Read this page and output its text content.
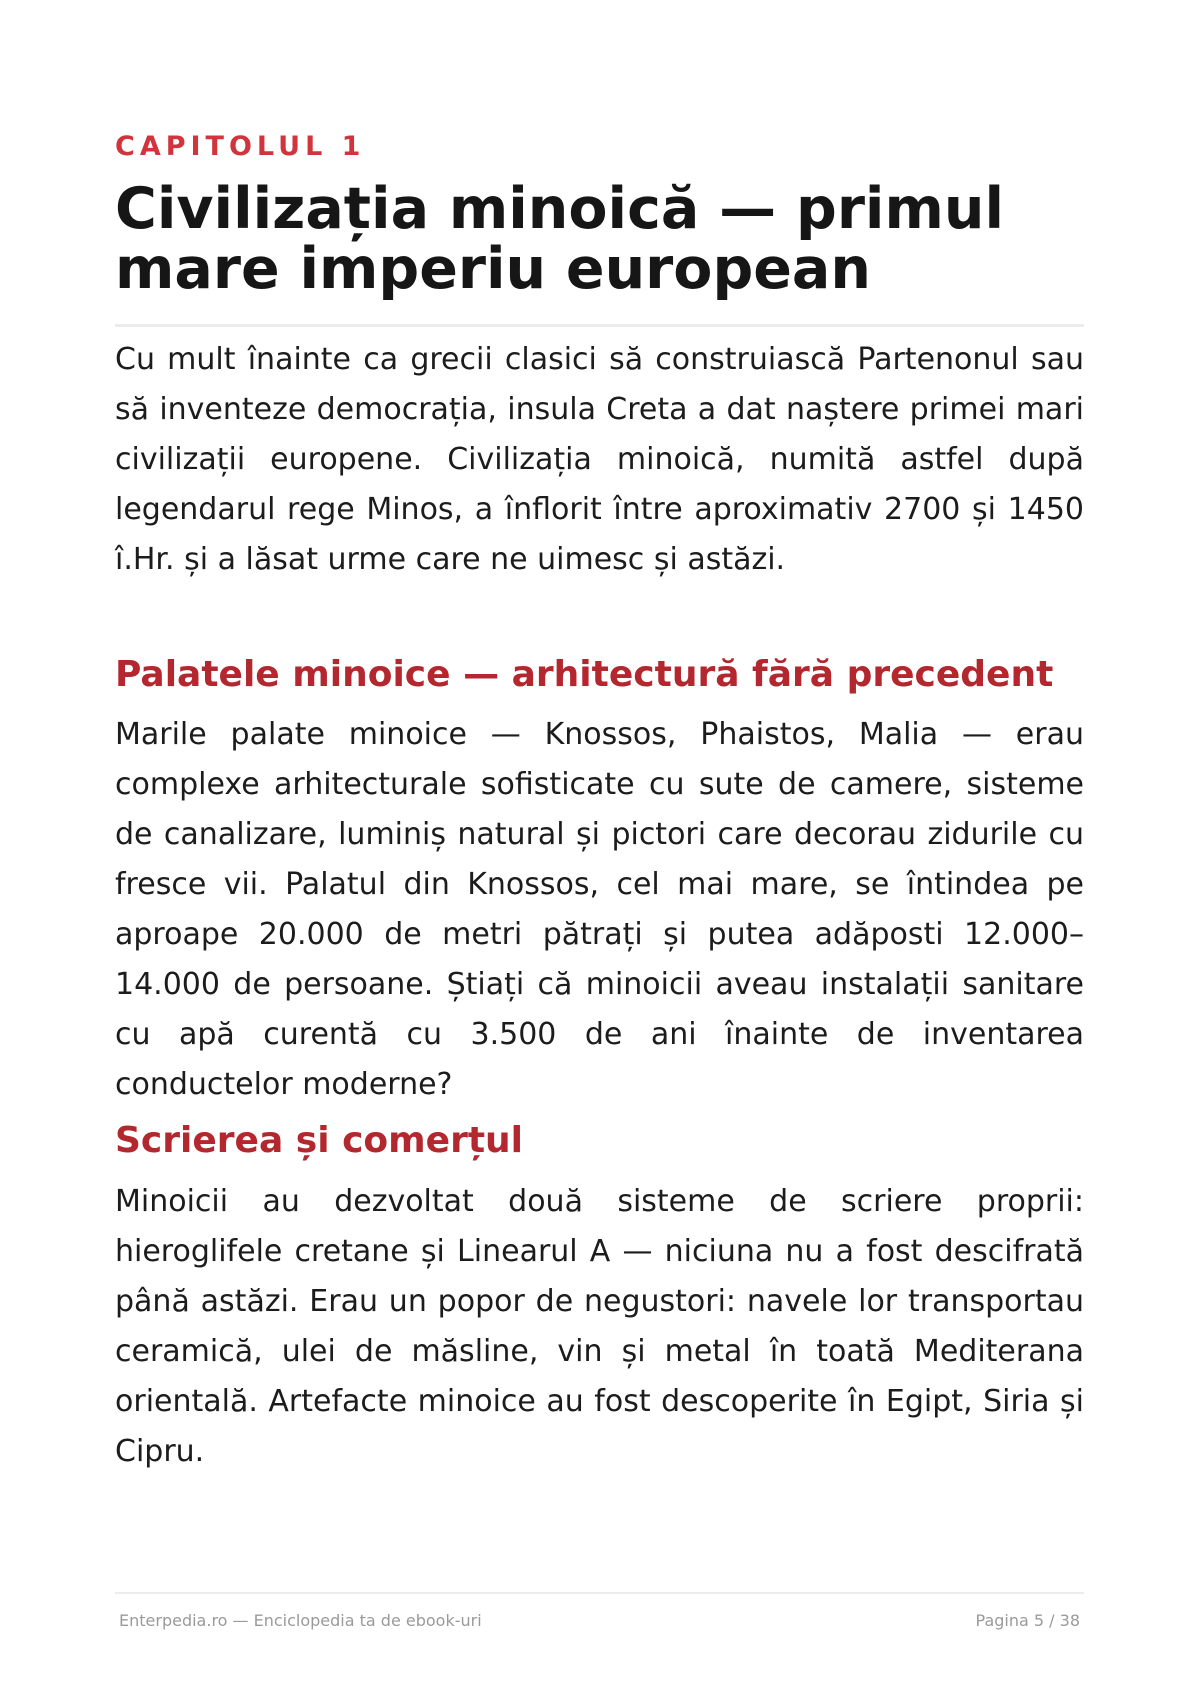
CAPITOLUL 1
Civilizația minoică — primul mare imperiu european

Cu mult înainte ca grecii clasici să construiască Partenonul sau să inventeze democrația, insula Creta a dat naștere primei mari civilizații europene. Civilizația minoică, numită astfel după legendarul rege Minos, a înflorit între aproximativ 2700 și 1450 î.Hr. și a lăsat urme care ne uimesc și astăzi.

Palatele minoice — arhitectură fără precedent

Marile palate minoice — Knossos, Phaistos, Malia — erau complexe arhitecturale sofisticate cu sute de camere, sisteme de canalizare, luminiș natural și pictori care decorau zidurile cu fresce vii. Palatul din Knossos, cel mai mare, se întindea pe aproape 20.000 de metri pătrați și putea adăposti 12.000–14.000 de persoane. Știați că minoicii aveau instalații sanitare cu apă curentă cu 3.500 de ani înainte de inventarea conductelor moderne?

Scrierea și comerțul

Minoicii au dezvoltat două sisteme de scriere proprii: hieroglifele cretane și Linearul A — niciuna nu a fost descifrată până astăzi. Erau un popor de negustori: navele lor transportau ceramică, ulei de măsline, vin și metal în toată Mediterana orientală. Artefacte minoice au fost descoperite în Egipt, Siria și Cipru.

Enterpedia.ro — Enciclopedia ta de ebook-uri	Pagina 5 / 38
